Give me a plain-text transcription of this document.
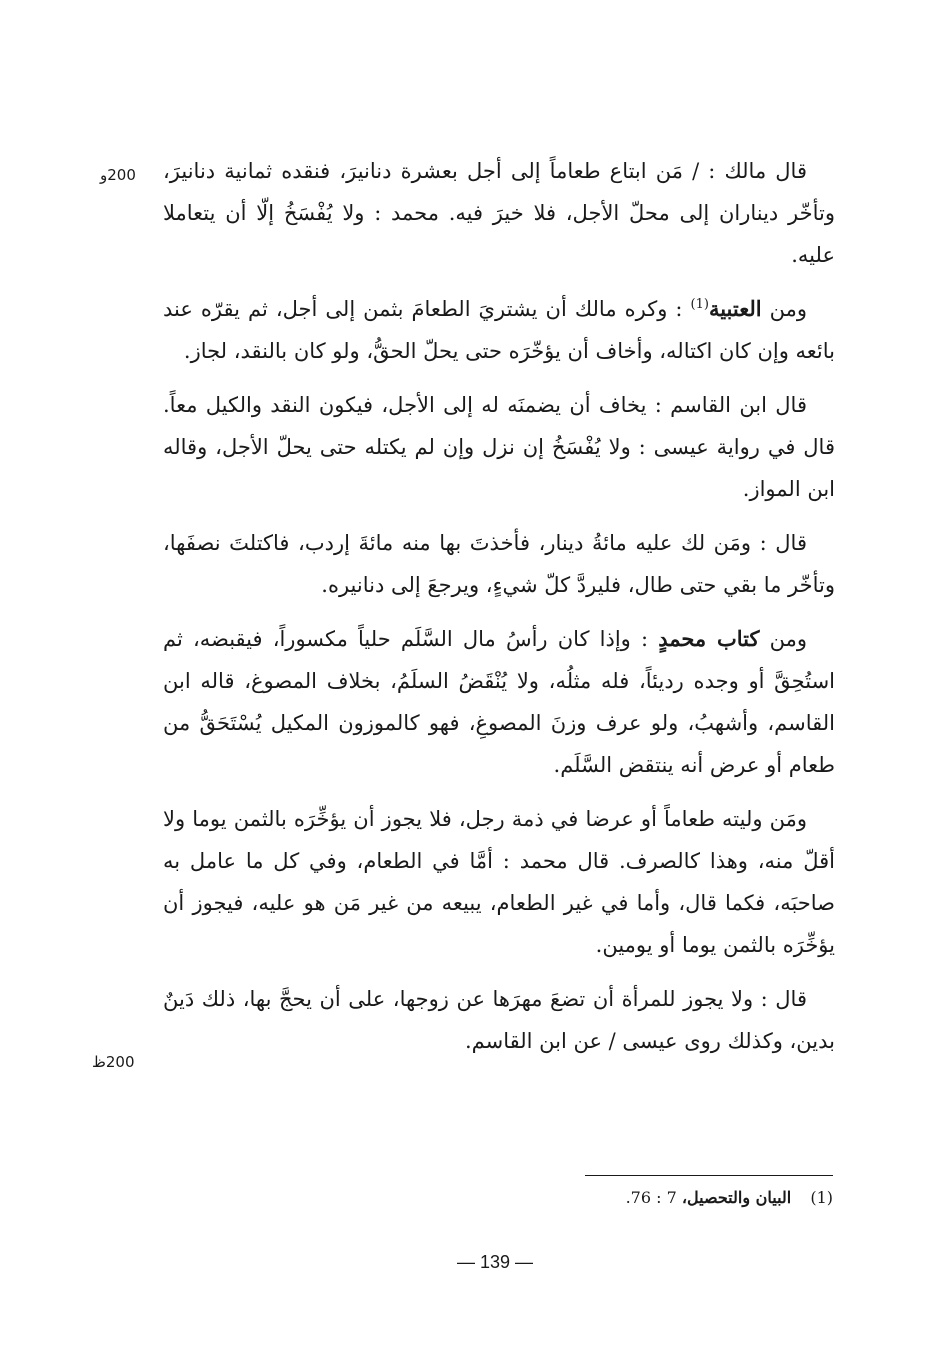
200و قال مالك : / مَن ابتاع طعاماً إلى أجل بعشرة دنانيرَ، فنقده ثمانية دنانيرَ، وتأخّر ديناران إلى محلّ الأجل، فلا خيرَ فيه. محمد : ولا يُفْسَخُ إلّا أن يتعاملا عليه.

ومن العتبية$^{(1)}$ : وكره مالك أن يشتريَ الطعامَ بثمن إلى أجل، ثم يقرّه عند بائعه وإن كان اكتاله، وأخاف أن يؤخّرَه حتى يحلّ الحقُّ، ولو كان بالنقد، لجاز.

قال ابن القاسم : يخاف أن يضمنَه له إلى الأجل، فيكون النقد والكيل معاً. قال في رواية عيسى : ولا يُفْسَخُ إن نزل وإن لم يكتله حتى يحلّ الأجل، وقاله ابن المواز.

قال : ومَن لك عليه مائةُ دينار، فأخذتَ بها منه مائةَ إردب، فاكتلتَ نصفَها، وتأخّر ما بقي حتى طال، فليردَّ كلّ شيءٍ، ويرجعَ إلى دنانيره.

ومن كتاب محمدٍ : وإذا كان رأسُ مال السَّلَم حلياً مكسوراً، فيقبضه، ثم استُحِقَّ أو وجده رديئاً، فله مثلُه، ولا يُنْقَضُ السلَمُ، بخلاف المصوغ، قاله ابن القاسم، وأشهبُ، ولو عرف وزنَ المصوغِ، فهو كالموزون المكيل يُسْتَحَقُّ من طعام أو عرض أنه ينتقض السَّلَم.

ومَن وليته طعاماً أو عرضا في ذمة رجل، فلا يجوز أن يؤخِّرَه بالثمن يوما ولا أقلّ منه، وهذا كالصرف. قال محمد : أمَّا في الطعام، وفي كل ما عامل به صاحبَه، فكما قال، وأما في غير الطعام، يبيعه من غير مَن هو عليه، فيجوز أن يؤخِّرَه بالثمن يوما أو يومين.

قال : ولا يجوز للمرأة أن تضعَ مهرَها عن زوجها، على أن يحجَّ بها، ذلك دَينٌ بدين، وكذلك روى عيسى / عن ابن القاسم.

200ظ
(1) البيان والتحصيل، 7 : 76.
— 139 —
